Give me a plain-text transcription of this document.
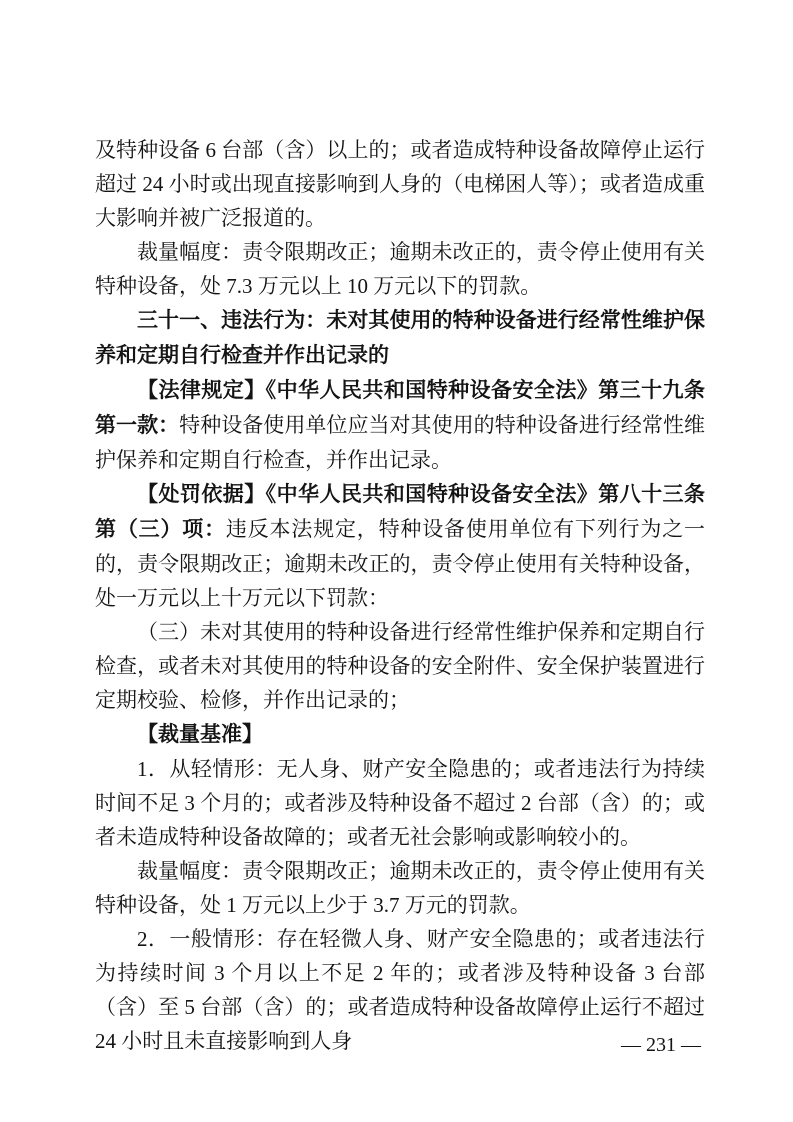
及特种设备 6 台部（含）以上的；或者造成特种设备故障停止运行超过 24 小时或出现直接影响到人身的（电梯困人等）；或者造成重大影响并被广泛报道的。

裁量幅度：责令限期改正；逾期未改正的，责令停止使用有关特种设备，处 7.3 万元以上 10 万元以下的罚款。

三十一、违法行为：未对其使用的特种设备进行经常性维护保养和定期自行检查并作出记录的

【法律规定】《中华人民共和国特种设备安全法》第三十九条第一款：特种设备使用单位应当对其使用的特种设备进行经常性维护保养和定期自行检查，并作出记录。

【处罚依据】《中华人民共和国特种设备安全法》第八十三条第（三）项：违反本法规定，特种设备使用单位有下列行为之一的，责令限期改正；逾期未改正的，责令停止使用有关特种设备，处一万元以上十万元以下罚款：

（三）未对其使用的特种设备进行经常性维护保养和定期自行检查，或者未对其使用的特种设备的安全附件、安全保护装置进行定期校验、检修，并作出记录的；

【裁量基准】

1．从轻情形：无人身、财产安全隐患的；或者违法行为持续时间不足 3 个月的；或者涉及特种设备不超过 2 台部（含）的；或者未造成特种设备故障的；或者无社会影响或影响较小的。

裁量幅度：责令限期改正；逾期未改正的，责令停止使用有关特种设备，处 1 万元以上少于 3.7 万元的罚款。

2．一般情形：存在轻微人身、财产安全隐患的；或者违法行为持续时间 3 个月以上不足 2 年的；或者涉及特种设备 3 台部（含）至 5 台部（含）的；或者造成特种设备故障停止运行不超过 24 小时且未直接影响到人身	— 231 —
